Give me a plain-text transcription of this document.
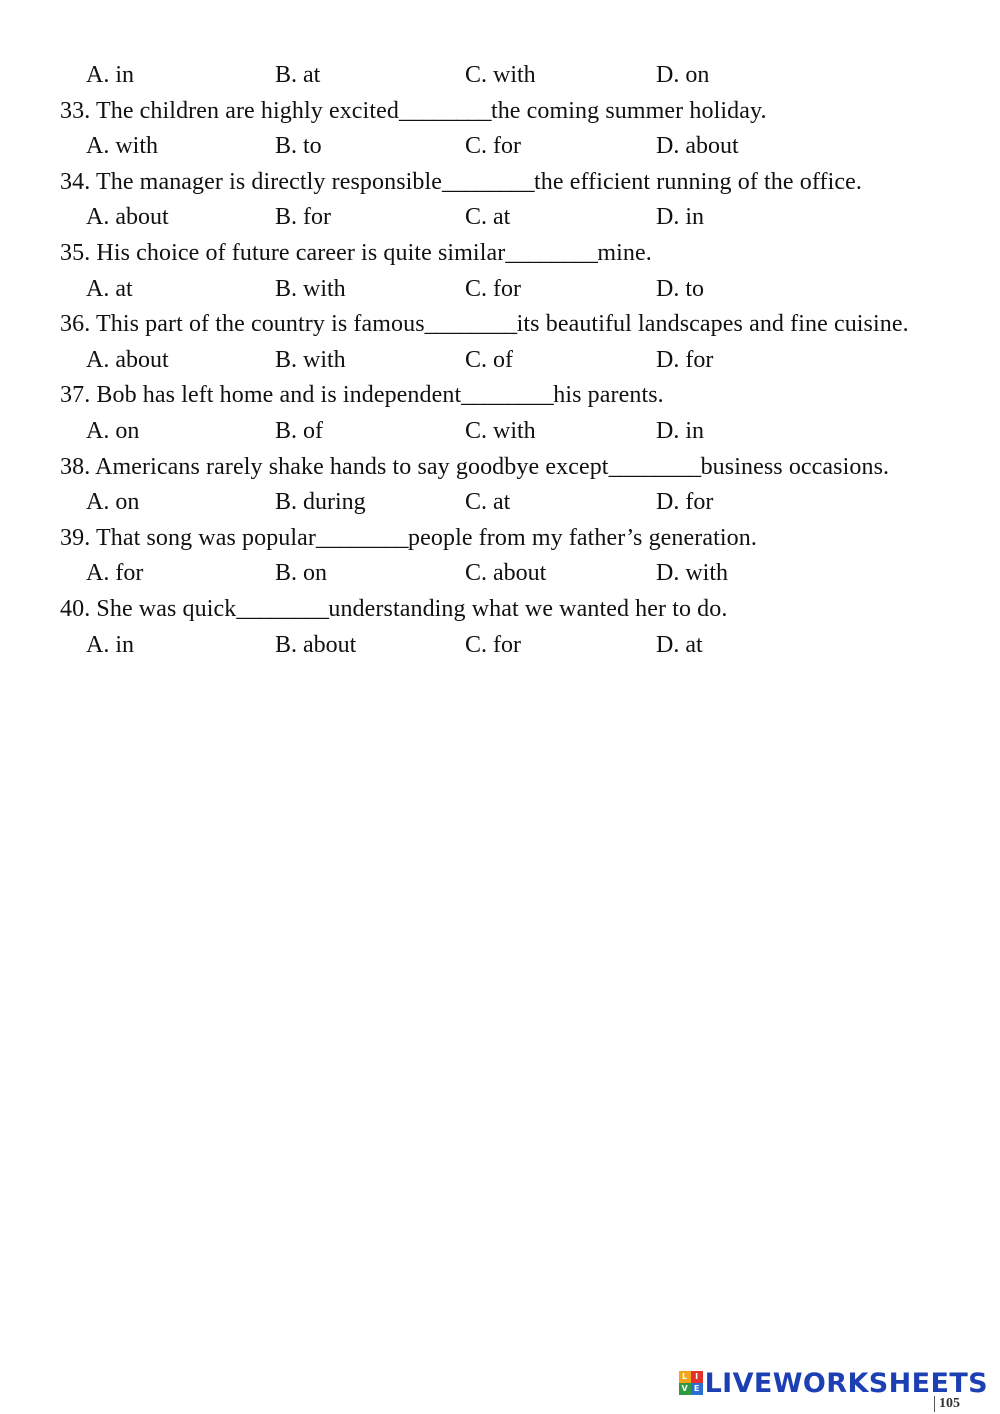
A. in	B. at	C. with	D. on
33. The children are highly excited________the coming summer holiday.
A. with	B. to	C. for	D. about
34. The manager is directly responsible________the efficient running of the office.
A. about	B. for	C. at	D. in
35. His choice of future career is quite similar________mine.
A. at	B. with	C. for	D. to
36. This part of the country is famous________its beautiful landscapes and fine cuisine.
A. about	B. with	C. of	D. for
37. Bob has left home and is independent________his parents.
A. on	B. of	C. with	D. in
38. Americans rarely shake hands to say goodbye except________business occasions.
A. on	B. during	C. at	D. for
39. That song was popular________people from my father’s generation.
A. for	B. on	C. about	D. with
40. She was quick________understanding what we wanted her to do.
A. in	B. about	C. for	D. at
L I
V E LIVEWORKSHEETS
105
